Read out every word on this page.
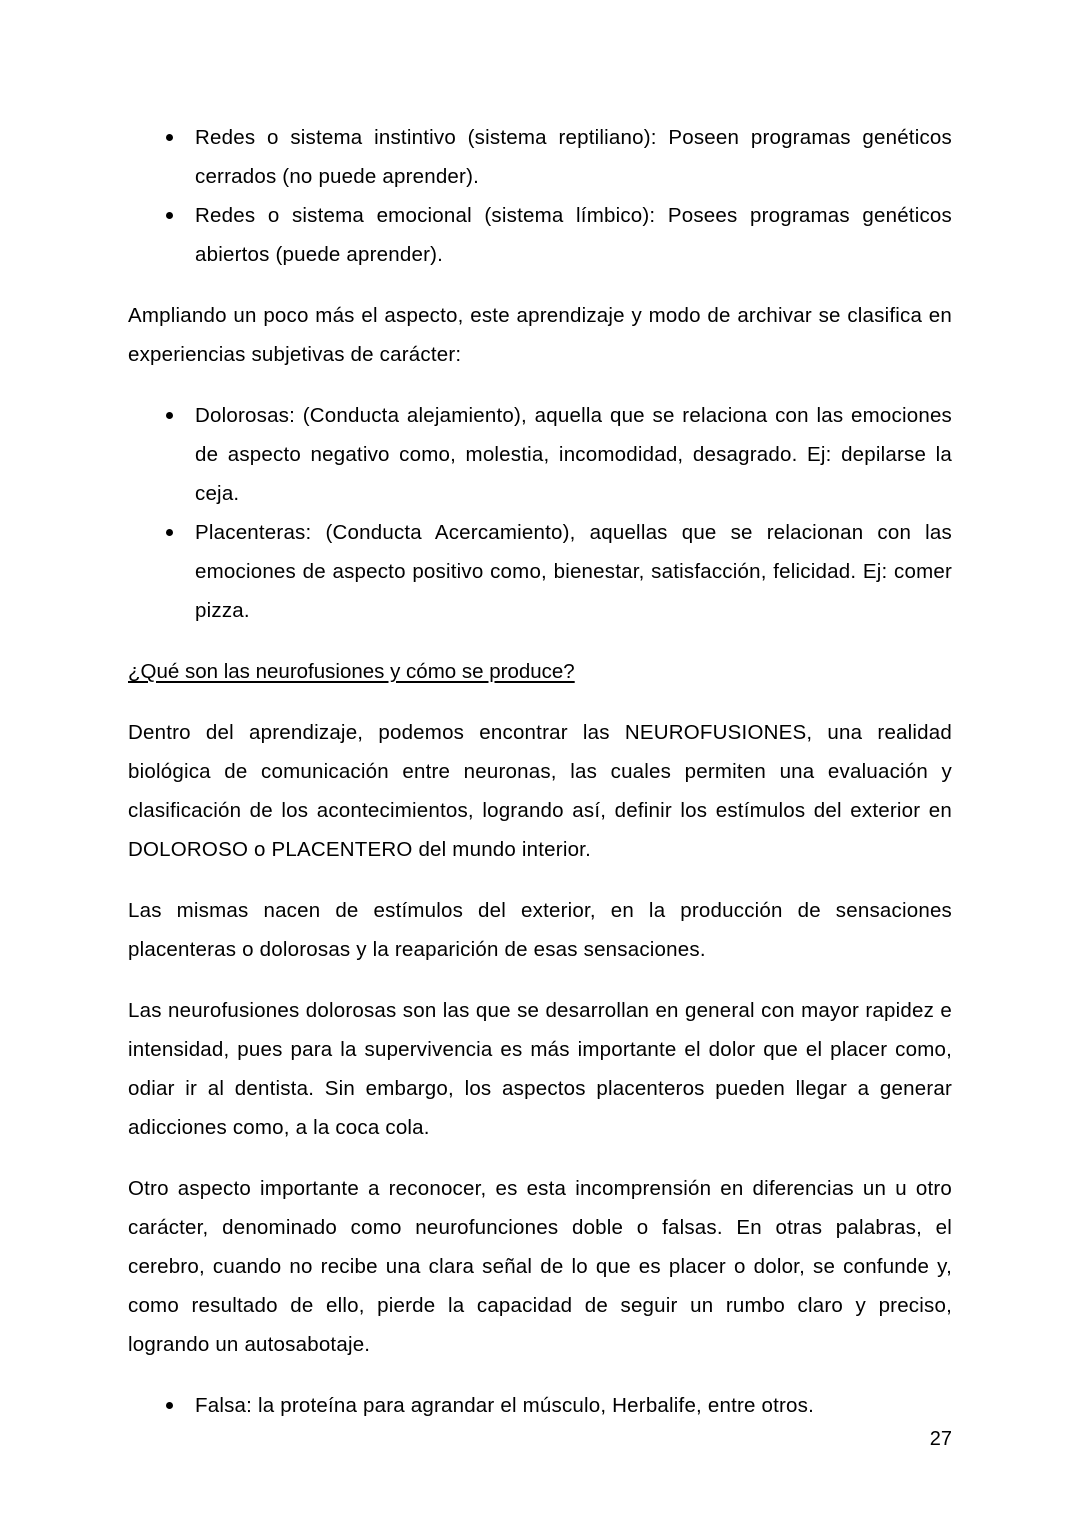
Redes o sistema instintivo (sistema reptiliano): Poseen programas genéticos cerrados (no puede aprender).
Redes o sistema emocional (sistema límbico): Posees programas genéticos abiertos (puede aprender).

Ampliando un poco más el aspecto, este aprendizaje y modo de archivar se clasifica en experiencias subjetivas de carácter:

Dolorosas: (Conducta alejamiento), aquella que se relaciona con las emociones de aspecto negativo como, molestia, incomodidad, desagrado. Ej: depilarse la ceja.
Placenteras: (Conducta Acercamiento), aquellas que se relacionan con las emociones de aspecto positivo como, bienestar, satisfacción, felicidad. Ej: comer pizza.
¿Qué son las neurofusiones y cómo se produce?

Dentro del aprendizaje, podemos encontrar las NEUROFUSIONES, una realidad biológica de comunicación entre neuronas, las cuales permiten una evaluación y clasificación de los acontecimientos, logrando así, definir los estímulos del exterior en DOLOROSO o PLACENTERO del mundo interior.

Las mismas nacen de estímulos del exterior, en la producción de sensaciones placenteras o dolorosas y la reaparición de esas sensaciones.

Las neurofusiones dolorosas son las que se desarrollan en general con mayor rapidez e intensidad, pues para la supervivencia es más importante el dolor que el placer como, odiar ir al dentista. Sin embargo, los aspectos placenteros pueden llegar a generar adicciones como, a la coca cola.

Otro aspecto importante a reconocer, es esta incomprensión en diferencias un u otro carácter, denominado como neurofunciones doble o falsas. En otras palabras, el cerebro, cuando no recibe una clara señal de lo que es placer o dolor, se confunde y, como resultado de ello, pierde la capacidad de seguir un rumbo claro y preciso, logrando un autosabotaje.

Falsa: la proteína para agrandar el músculo, Herbalife, entre otros.
27
